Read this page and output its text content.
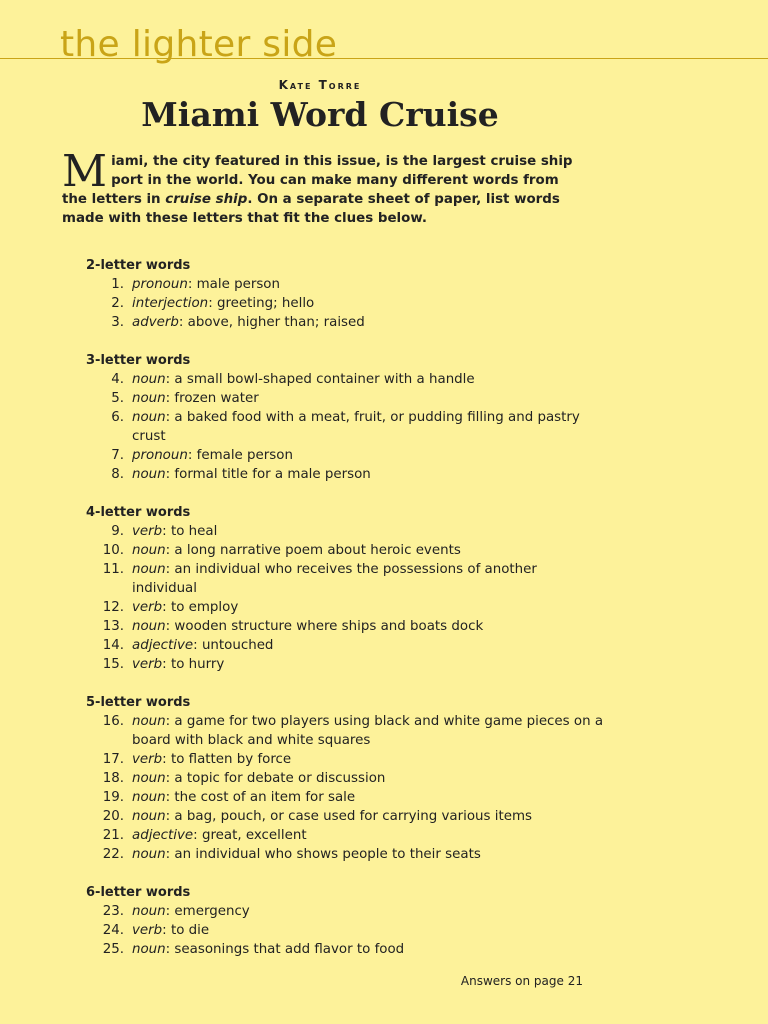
the lighter side
Kate Torre
Miami Word Cruise

Miami, the city featured in this issue, is the largest cruise ship port in the world. You can make many different words from the letters in cruise ship. On a separate sheet of paper, list words made with these letters that fit the clues below.

2-letter words
1. pronoun: male person
2. interjection: greeting; hello
3. adverb: above, higher than; raised
3-letter words
4. noun: a small bowl-shaped container with a handle
5. noun: frozen water
6. noun: a baked food with a meat, fruit, or pudding filling and pastry crust
7. pronoun: female person
8. noun: formal title for a male person
4-letter words
9. verb: to heal
10. noun: a long narrative poem about heroic events
11. noun: an individual who receives the possessions of another individual
12. verb: to employ
13. noun: wooden structure where ships and boats dock
14. adjective: untouched
15. verb: to hurry
5-letter words
16. noun: a game for two players using black and white game pieces on a board with black and white squares
17. verb: to flatten by force
18. noun: a topic for debate or discussion
19. noun: the cost of an item for sale
20. noun: a bag, pouch, or case used for carrying various items
21. adjective: great, excellent
22. noun: an individual who shows people to their seats
6-letter words
23. noun: emergency
24. verb: to die
25. noun: seasonings that add flavor to food
Answers on page 21
